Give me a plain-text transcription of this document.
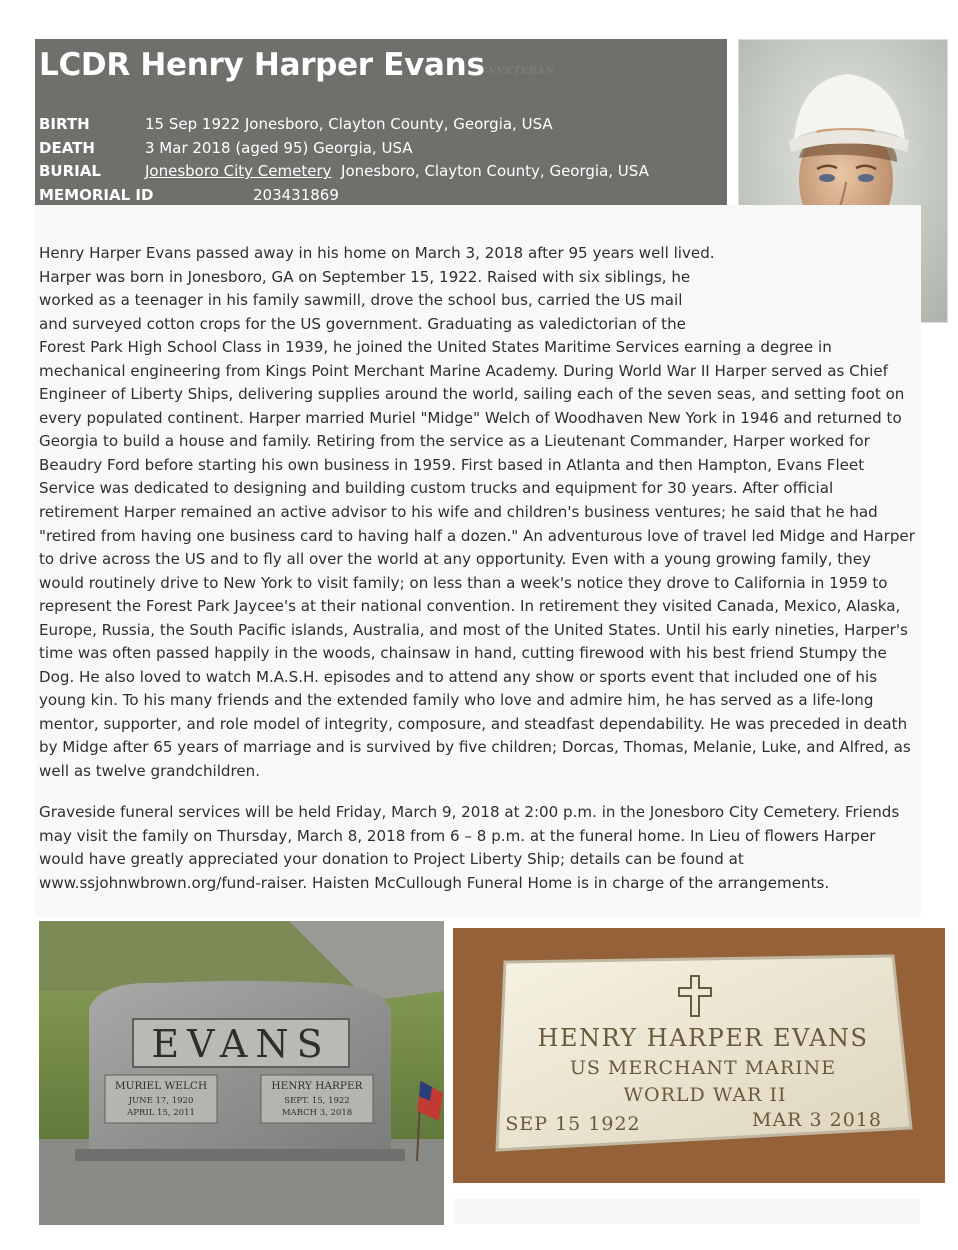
LCDR Henry Harper Evans VVETERAN
BIRTH	15 Sep 1922 Jonesboro, Clayton County, Georgia, USA
DEATH	3 Mar 2018 (aged 95) Georgia, USA
BURIAL	Jonesboro City Cemetery Jonesboro, Clayton County, Georgia, USA
MEMORIAL ID	203431869

Henry Harper Evans passed away in his home on March 3, 2018 after 95 years well lived.
Harper was born in Jonesboro, GA on September 15, 1922. Raised with six siblings, he
worked as a teenager in his family sawmill, drove the school bus, carried the US mail
and surveyed cotton crops for the US government. Graduating as valedictorian of the
Forest Park High School Class in 1939, he joined the United States Maritime Services earning a degree in mechanical engineering from Kings Point Merchant Marine Academy. During World War II Harper served as Chief Engineer of Liberty Ships, delivering supplies around the world, sailing each of the seven seas, and setting foot on every populated continent. Harper married Muriel "Midge" Welch of Woodhaven New York in 1946 and returned to Georgia to build a house and family. Retiring from the service as a Lieutenant Commander, Harper worked for Beaudry Ford before starting his own business in 1959. First based in Atlanta and then Hampton, Evans Fleet Service was dedicated to designing and building custom trucks and equipment for 30 years. After official retirement Harper remained an active advisor to his wife and children's business ventures; he said that he had "retired from having one business card to having half a dozen." An adventurous love of travel led Midge and Harper to drive across the US and to fly all over the world at any opportunity. Even with a young growing family, they would routinely drive to New York to visit family; on less than a week's notice they drove to California in 1959 to represent the Forest Park Jaycee's at their national convention. In retirement they visited Canada, Mexico, Alaska, Europe, Russia, the South Pacific islands, Australia, and most of the United States. Until his early nineties, Harper's time was often passed happily in the woods, chainsaw in hand, cutting firewood with his best friend Stumpy the Dog. He also loved to watch M.A.S.H. episodes and to attend any show or sports event that included one of his young kin. To his many friends and the extended family who love and admire him, he has served as a life-long mentor, supporter, and role model of integrity, composure, and steadfast dependability. He was preceded in death by Midge after 65 years of marriage and is survived by five children; Dorcas, Thomas, Melanie, Luke, and Alfred, as well as twelve grandchildren.

Graveside funeral services will be held Friday, March 9, 2018 at 2:00 p.m. in the Jonesboro City Cemetery. Friends may visit the family on Thursday, March 8, 2018 from 6 – 8 p.m. at the funeral home. In Lieu of flowers Harper would have greatly appreciated your donation to Project Liberty Ship; details can be found at www.ssjohnwbrown.org/fund-raiser. Haisten McCullough Funeral Home is in charge of the arrangements.

EVANS
MURIEL WELCH
JUNE 17, 1920
APRIL 15, 2011
HENRY HARPER
SEPT. 15, 1922
MARCH 3, 2018
HENRY HARPER EVANS
US MERCHANT MARINE
WORLD WAR II
SEP 15 1922	MAR 3 2018
